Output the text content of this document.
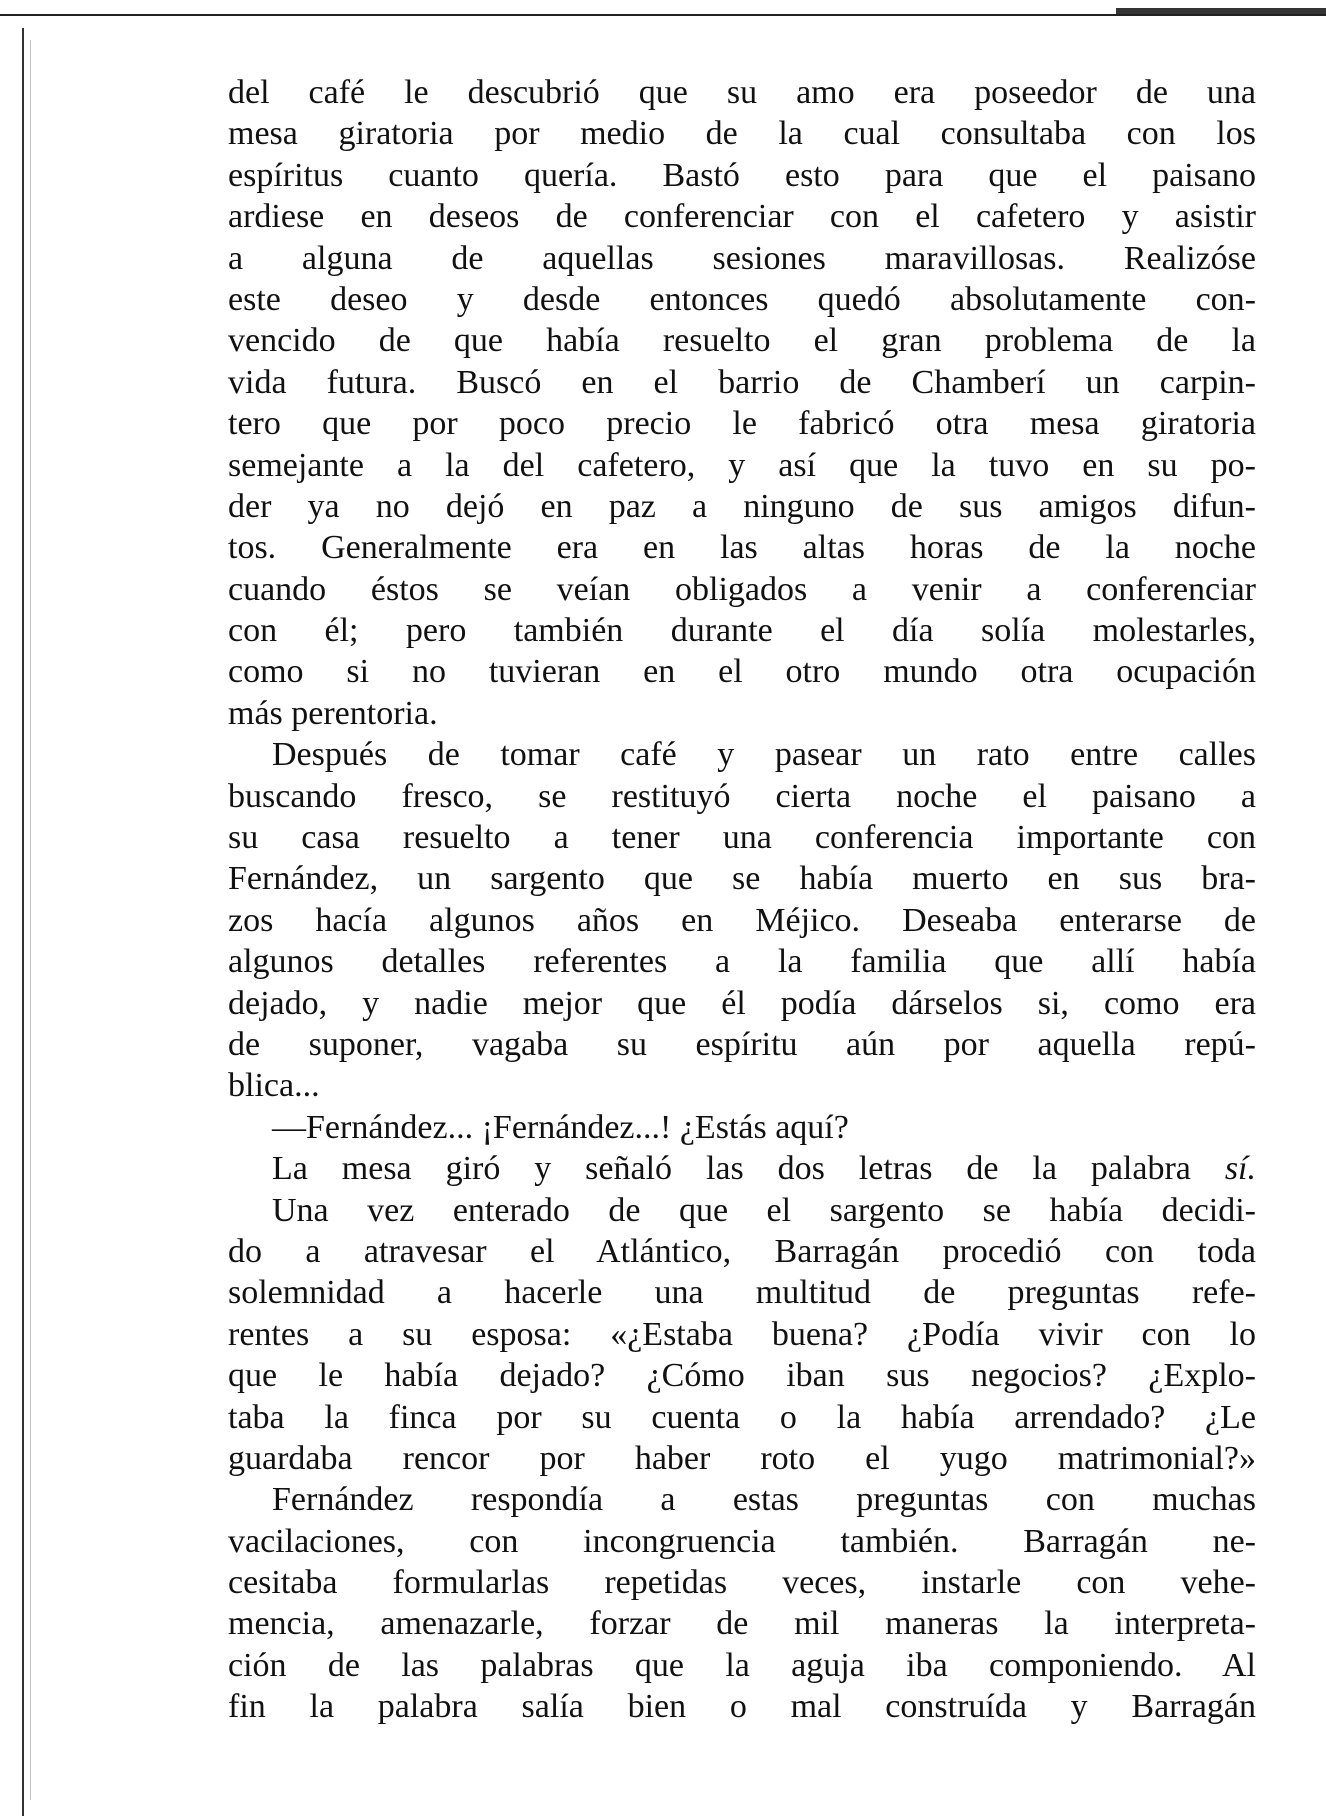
del café le descubrió que su amo era poseedor de una
mesa giratoria por medio de la cual consultaba con los
espíritus cuanto quería. Bastó esto para que el paisano
ardiese en deseos de conferenciar con el cafetero y asistir
a alguna de aquellas sesiones maravillosas. Realizóse
este deseo y desde entonces quedó absolutamente con-
vencido de que había resuelto el gran problema de la
vida futura. Buscó en el barrio de Chamberí un carpin-
tero que por poco precio le fabricó otra mesa giratoria
semejante a la del cafetero, y así que la tuvo en su po-
der ya no dejó en paz a ninguno de sus amigos difun-
tos. Generalmente era en las altas horas de la noche
cuando éstos se veían obligados a venir a conferenciar
con él; pero también durante el día solía molestarles,
como si no tuvieran en el otro mundo otra ocupación
más perentoria.
Después de tomar café y pasear un rato entre calles
buscando fresco, se restituyó cierta noche el paisano a
su casa resuelto a tener una conferencia importante con
Fernández, un sargento que se había muerto en sus bra-
zos hacía algunos años en Méjico. Deseaba enterarse de
algunos detalles referentes a la familia que allí había
dejado, y nadie mejor que él podía dárselos si, como era
de suponer, vagaba su espíritu aún por aquella repú-
blica...
—Fernández... ¡Fernández...! ¿Estás aquí?
La mesa giró y señaló las dos letras de la palabra sí.
Una vez enterado de que el sargento se había decidi-
do a atravesar el Atlántico, Barragán procedió con toda
solemnidad a hacerle una multitud de preguntas refe-
rentes a su esposa: «¿Estaba buena? ¿Podía vivir con lo
que le había dejado? ¿Cómo iban sus negocios? ¿Explo-
taba la finca por su cuenta o la había arrendado? ¿Le
guardaba rencor por haber roto el yugo matrimonial?»
Fernández respondía a estas preguntas con muchas
vacilaciones, con incongruencia también. Barragán ne-
cesitaba formularlas repetidas veces, instarle con vehe-
mencia, amenazarle, forzar de mil maneras la interpreta-
ción de las palabras que la aguja iba componiendo. Al
fin la palabra salía bien o mal construída y Barragán
